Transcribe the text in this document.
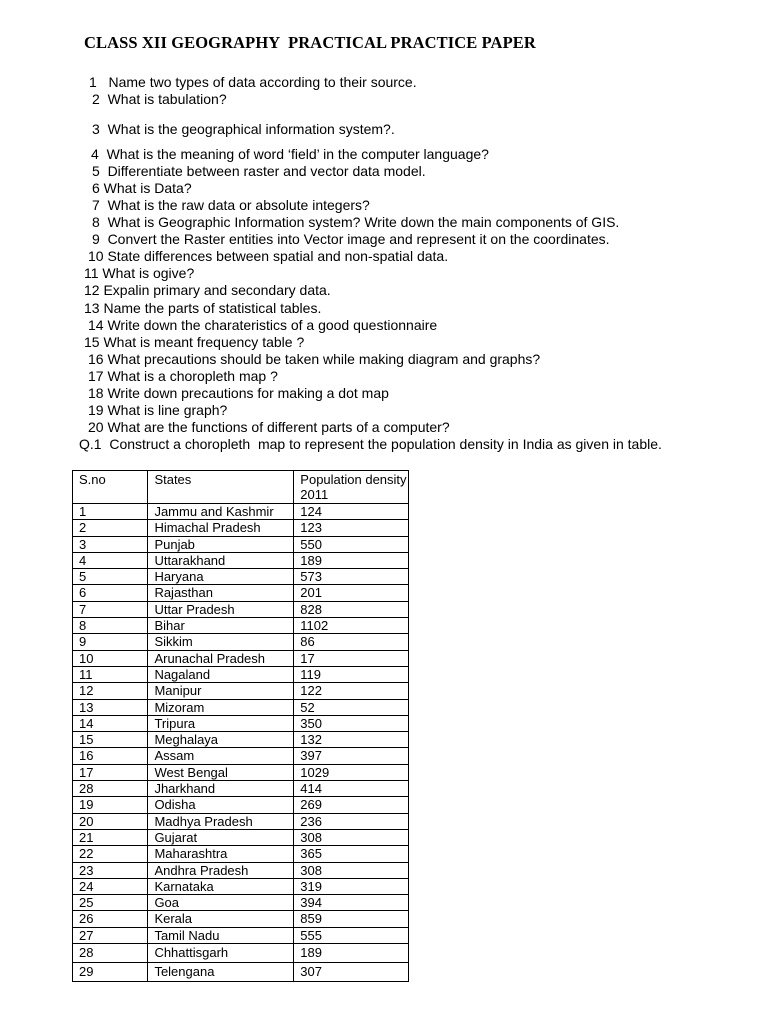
CLASS XII GEOGRAPHY  PRACTICAL PRACTICE PAPER
1   Name two types of data according to their source.
2  What is tabulation?
3  What is the geographical information system?.
4  What is the meaning of word ‘field’ in the computer language?
5  Differentiate between raster and vector data model.
6 What is Data?
7  What is the raw data or absolute integers?
8  What is Geographic Information system? Write down the main components of GIS.
9  Convert the Raster entities into Vector image and represent it on the coordinates.
10 State differences between spatial and non-spatial data.
11 What is ogive?
12 Expalin primary and secondary data.
13 Name the parts of statistical tables.
14 Write down the charateristics of a good questionnaire
15 What is meant frequency table ?
16 What precautions should be taken while making diagram and graphs?
17 What is a choropleth map ?
18 Write down precautions for making a dot map
19 What is line graph?
20 What are the functions of different parts of a computer?
Q.1  Construct a choropleth  map to represent the population density in India as given in table.
S.no	States	Population density 2011
1	Jammu and Kashmir	124
2	Himachal Pradesh	123
3	Punjab	550
4	Uttarakhand	189
5	Haryana	573
6	Rajasthan	201
7	Uttar Pradesh	828
8	Bihar	1102
9	Sikkim	86
10	Arunachal Pradesh	17
11	Nagaland	119
12	Manipur	122
13	Mizoram	52
14	Tripura	350
15	Meghalaya	132
16	Assam	397
17	West Bengal	1029
28	Jharkhand	414
19	Odisha	269
20	Madhya Pradesh	236
21	Gujarat	308
22	Maharashtra	365
23	Andhra Pradesh	308
24	Karnataka	319
25	Goa	394
26	Kerala	859
27	Tamil Nadu	555
28	Chhattisgarh	189
29	Telengana	307
